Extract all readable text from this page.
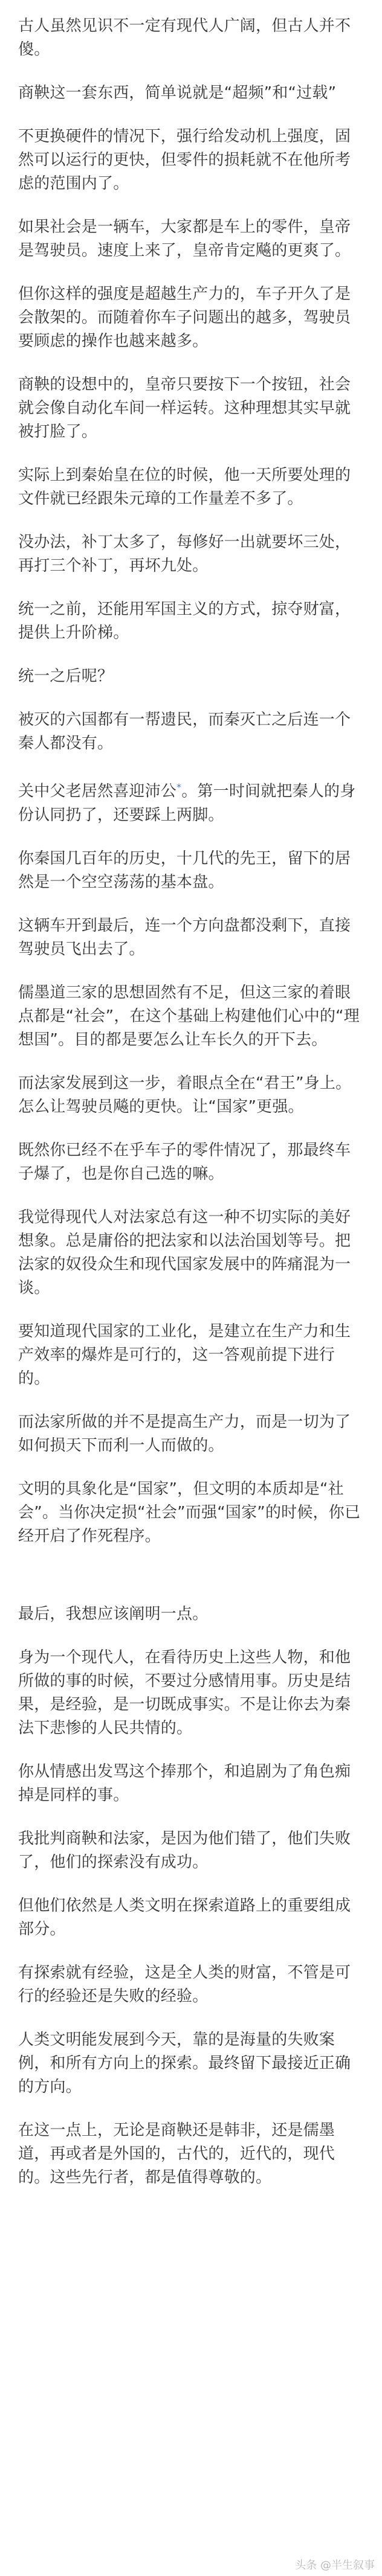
古人虽然见识不一定有现代人广阔，但古人并不傻。

商鞅这一套东西，简单说就是“超频”和“过载”

不更换硬件的情况下，强行给发动机上强度，固然可以运行的更快，但零件的损耗就不在他所考虑的范围内了。

如果社会是一辆车，大家都是车上的零件，皇帝是驾驶员。速度上来了，皇帝肯定飚的更爽了。

但你这样的强度是超越生产力的，车子开久了是会散架的。而随着你车子问题出的越多，驾驶员要顾虑的操作也越来越多。

商鞅的设想中的，皇帝只要按下一个按钮，社会就会像自动化车间一样运转。这种理想其实早就被打脸了。

实际上到秦始皇在位的时候，他一天所要处理的文件就已经跟朱元璋的工作量差不多了。

没办法，补丁太多了，每修好一出就要坏三处，再打三个补丁，再坏九处。

统一之前，还能用军国主义的方式，掠夺财富，提供上升阶梯。

统一之后呢？

被灭的六国都有一帮遗民，而秦灭亡之后连一个秦人都没有。

关中父老居然喜迎沛公*。第一时间就把秦人的身份认同扔了，还要踩上两脚。

你秦国几百年的历史，十几代的先王，留下的居然是一个空空荡荡的基本盘。

这辆车开到最后，连一个方向盘都没剩下，直接驾驶员飞出去了。

儒墨道三家的思想固然有不足，但这三家的着眼点都是“社会”，在这个基础上构建他们心中的“理想国”。目的都是要怎么让车长久的开下去。

而法家发展到这一步，着眼点全在“君王”身上。怎么让驾驶员飚的更快。让“国家”更强。

既然你已经不在乎车子的零件情况了，那最终车子爆了，也是你自己选的嘛。

我觉得现代人对法家总有这一种不切实际的美好想象。总是庸俗的把法家和以法治国划等号。把法家的奴役众生和现代国家发展中的阵痛混为一谈。

要知道现代国家的工业化，是建立在生产力和生产效率的爆炸是可行的，这一答观前提下进行的。

而法家所做的并不是提高生产力，而是一切为了如何损天下而利一人而做的。

文明的具象化是“国家”，但文明的本质却是“社会”。当你决定损“社会”而强“国家”的时候，你已经开启了作死程序。

最后，我想应该阐明一点。

身为一个现代人，在看待历史上这些人物，和他所做的事的时候，不要过分感情用事。历史是结果，是经验，是一切既成事实。不是让你去为秦法下悲惨的人民共情的。

你从情感出发骂这个捧那个，和追剧为了角色痴掉是同样的事。

我批判商鞅和法家，是因为他们错了，他们失败了，他们的探索没有成功。

但他们依然是人类文明在探索道路上的重要组成部分。

有探索就有经验，这是全人类的财富，不管是可行的经验还是失败的经验。

人类文明能发展到今天，靠的是海量的失败案例，和所有方向上的探索。最终留下最接近正确的方向。

在这一点上，无论是商鞅还是韩非，还是儒墨道，再或者是外国的，古代的，近代的，现代的。这些先行者，都是值得尊敬的。

头条 @半生叙事
